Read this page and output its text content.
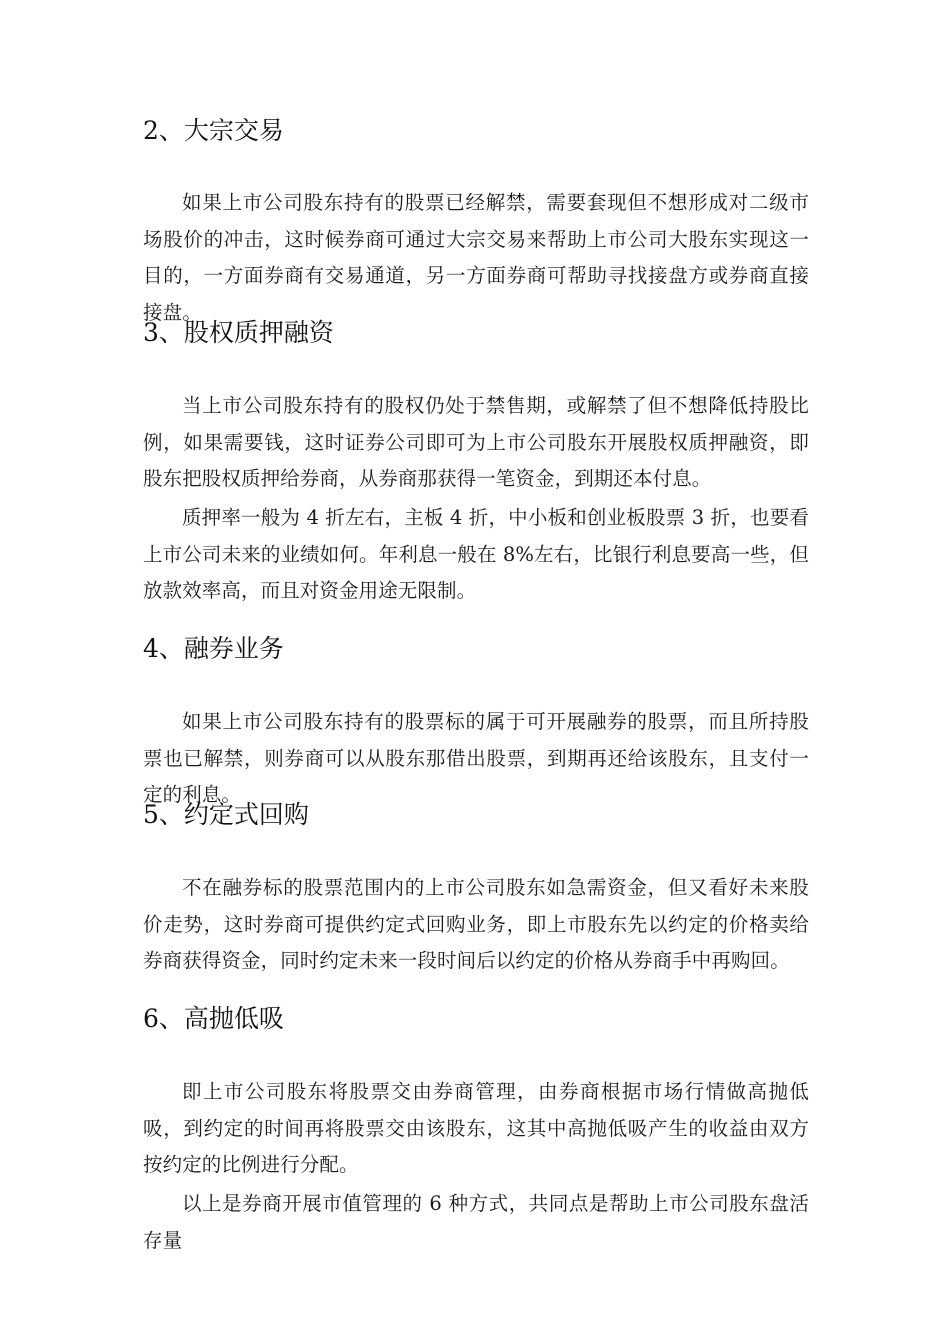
2、大宗交易

如果上市公司股东持有的股票已经解禁，需要套现但不想形成对二级市场股价的冲击，这时候券商可通过大宗交易来帮助上市公司大股东实现这一目的，一方面券商有交易通道，另一方面券商可帮助寻找接盘方或券商直接接盘。

3、股权质押融资

当上市公司股东持有的股权仍处于禁售期，或解禁了但不想降低持股比例，如果需要钱，这时证券公司即可为上市公司股东开展股权质押融资，即股东把股权质押给券商，从券商那获得一笔资金，到期还本付息。

质押率一般为 4 折左右，主板 4 折，中小板和创业板股票 3 折，也要看上市公司未来的业绩如何。年利息一般在 8%左右，比银行利息要高一些，但放款效率高，而且对资金用途无限制。

4、融券业务

如果上市公司股东持有的股票标的属于可开展融券的股票，而且所持股票也已解禁，则券商可以从股东那借出股票，到期再还给该股东，且支付一定的利息。

5、约定式回购

不在融券标的股票范围内的上市公司股东如急需资金，但又看好未来股价走势，这时券商可提供约定式回购业务，即上市股东先以约定的价格卖给券商获得资金，同时约定未来一段时间后以约定的价格从券商手中再购回。

6、高抛低吸

即上市公司股东将股票交由券商管理，由券商根据市场行情做高抛低吸，到约定的时间再将股票交由该股东，这其中高抛低吸产生的收益由双方按约定的比例进行分配。

以上是券商开展市值管理的 6 种方式，共同点是帮助上市公司股东盘活存量
